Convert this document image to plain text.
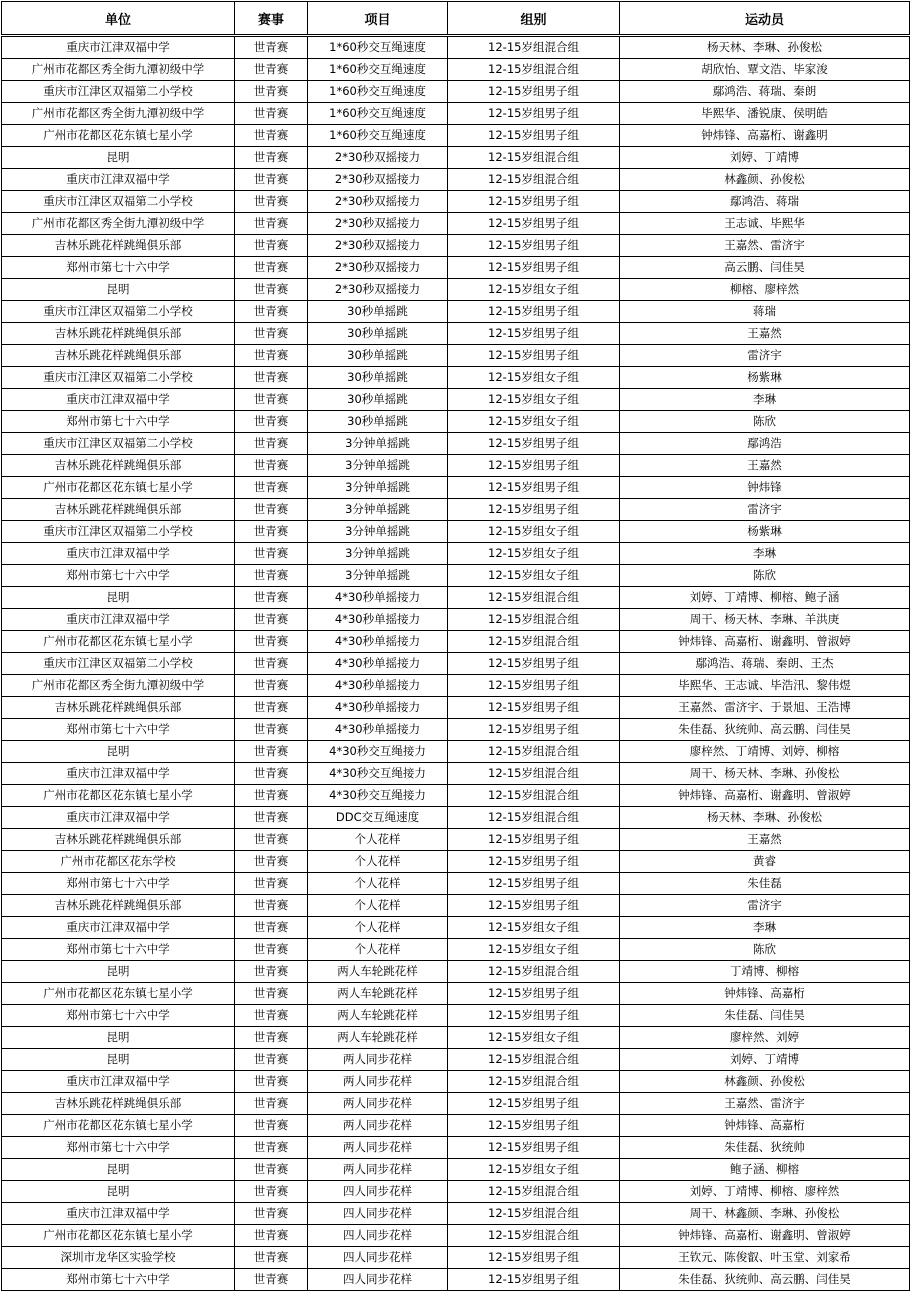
单位	赛事	项目	组别	运动员
重庆市江津双福中学	世青赛	1*60秒交互绳速度	12-15岁组混合组	杨天林、李琳、孙俊松
广州市花都区秀全街九潭初级中学	世青赛	1*60秒交互绳速度	12-15岁组混合组	胡欣怡、覃文浩、毕家浚
重庆市江津区双福第二小学校	世青赛	1*60秒交互绳速度	12-15岁组男子组	鄢鸿浩、蒋瑞、秦朗
广州市花都区秀全街九潭初级中学	世青赛	1*60秒交互绳速度	12-15岁组男子组	毕熙华、潘锐康、侯明皓
广州市花都区花东镇七星小学	世青赛	1*60秒交互绳速度	12-15岁组男子组	钟炜锋、高嘉桁、谢鑫明
昆明	世青赛	2*30秒双摇接力	12-15岁组混合组	刘婷、丁靖博
重庆市江津双福中学	世青赛	2*30秒双摇接力	12-15岁组混合组	林鑫颜、孙俊松
重庆市江津区双福第二小学校	世青赛	2*30秒双摇接力	12-15岁组男子组	鄢鸿浩、蒋瑞
广州市花都区秀全街九潭初级中学	世青赛	2*30秒双摇接力	12-15岁组男子组	王志诚、毕熙华
吉林乐跳花样跳绳俱乐部	世青赛	2*30秒双摇接力	12-15岁组男子组	王嘉然、雷济宇
郑州市第七十六中学	世青赛	2*30秒双摇接力	12-15岁组男子组	高云鹏、闫佳昊
昆明	世青赛	2*30秒双摇接力	12-15岁组女子组	柳榕、廖梓然
重庆市江津区双福第二小学校	世青赛	30秒单摇跳	12-15岁组男子组	蒋瑞
吉林乐跳花样跳绳俱乐部	世青赛	30秒单摇跳	12-15岁组男子组	王嘉然
吉林乐跳花样跳绳俱乐部	世青赛	30秒单摇跳	12-15岁组男子组	雷济宇
重庆市江津区双福第二小学校	世青赛	30秒单摇跳	12-15岁组女子组	杨紫琳
重庆市江津双福中学	世青赛	30秒单摇跳	12-15岁组女子组	李琳
郑州市第七十六中学	世青赛	30秒单摇跳	12-15岁组女子组	陈欣
重庆市江津区双福第二小学校	世青赛	3分钟单摇跳	12-15岁组男子组	鄢鸿浩
吉林乐跳花样跳绳俱乐部	世青赛	3分钟单摇跳	12-15岁组男子组	王嘉然
广州市花都区花东镇七星小学	世青赛	3分钟单摇跳	12-15岁组男子组	钟炜锋
吉林乐跳花样跳绳俱乐部	世青赛	3分钟单摇跳	12-15岁组男子组	雷济宇
重庆市江津区双福第二小学校	世青赛	3分钟单摇跳	12-15岁组女子组	杨紫琳
重庆市江津双福中学	世青赛	3分钟单摇跳	12-15岁组女子组	李琳
郑州市第七十六中学	世青赛	3分钟单摇跳	12-15岁组女子组	陈欣
昆明	世青赛	4*30秒单摇接力	12-15岁组混合组	刘婷、丁靖博、柳榕、鲍子涵
重庆市江津双福中学	世青赛	4*30秒单摇接力	12-15岁组混合组	周干、杨天林、李琳、羊洪庚
广州市花都区花东镇七星小学	世青赛	4*30秒单摇接力	12-15岁组混合组	钟炜锋、高嘉桁、谢鑫明、曾淑婷
重庆市江津区双福第二小学校	世青赛	4*30秒单摇接力	12-15岁组男子组	鄢鸿浩、蒋瑞、秦朗、王杰
广州市花都区秀全街九潭初级中学	世青赛	4*30秒单摇接力	12-15岁组男子组	毕熙华、王志诚、毕浩汛、黎伟煜
吉林乐跳花样跳绳俱乐部	世青赛	4*30秒单摇接力	12-15岁组男子组	王嘉然、雷济宇、于景旭、王浩博
郑州市第七十六中学	世青赛	4*30秒单摇接力	12-15岁组男子组	朱佳磊、狄统帅、高云鹏、闫佳昊
昆明	世青赛	4*30秒交互绳接力	12-15岁组混合组	廖梓然、丁靖博、刘婷、柳榕
重庆市江津双福中学	世青赛	4*30秒交互绳接力	12-15岁组混合组	周干、杨天林、李琳、孙俊松
广州市花都区花东镇七星小学	世青赛	4*30秒交互绳接力	12-15岁组混合组	钟炜锋、高嘉桁、谢鑫明、曾淑婷
重庆市江津双福中学	世青赛	DDC交互绳速度	12-15岁组混合组	杨天林、李琳、孙俊松
吉林乐跳花样跳绳俱乐部	世青赛	个人花样	12-15岁组男子组	王嘉然
广州市花都区花东学校	世青赛	个人花样	12-15岁组男子组	黄睿
郑州市第七十六中学	世青赛	个人花样	12-15岁组男子组	朱佳磊
吉林乐跳花样跳绳俱乐部	世青赛	个人花样	12-15岁组男子组	雷济宇
重庆市江津双福中学	世青赛	个人花样	12-15岁组女子组	李琳
郑州市第七十六中学	世青赛	个人花样	12-15岁组女子组	陈欣
昆明	世青赛	两人车轮跳花样	12-15岁组混合组	丁靖博、柳榕
广州市花都区花东镇七星小学	世青赛	两人车轮跳花样	12-15岁组男子组	钟炜锋、高嘉桁
郑州市第七十六中学	世青赛	两人车轮跳花样	12-15岁组男子组	朱佳磊、闫佳昊
昆明	世青赛	两人车轮跳花样	12-15岁组女子组	廖梓然、刘婷
昆明	世青赛	两人同步花样	12-15岁组混合组	刘婷、丁靖博
重庆市江津双福中学	世青赛	两人同步花样	12-15岁组混合组	林鑫颜、孙俊松
吉林乐跳花样跳绳俱乐部	世青赛	两人同步花样	12-15岁组男子组	王嘉然、雷济宇
广州市花都区花东镇七星小学	世青赛	两人同步花样	12-15岁组男子组	钟炜锋、高嘉桁
郑州市第七十六中学	世青赛	两人同步花样	12-15岁组男子组	朱佳磊、狄统帅
昆明	世青赛	两人同步花样	12-15岁组女子组	鲍子涵、柳榕
昆明	世青赛	四人同步花样	12-15岁组混合组	刘婷、丁靖博、柳榕、廖梓然
重庆市江津双福中学	世青赛	四人同步花样	12-15岁组混合组	周干、林鑫颜、李琳、孙俊松
广州市花都区花东镇七星小学	世青赛	四人同步花样	12-15岁组混合组	钟炜锋、高嘉桁、谢鑫明、曾淑婷
深圳市龙华区实验学校	世青赛	四人同步花样	12-15岁组男子组	王钦元、陈俊叡、叶玉堂、刘家希
郑州市第七十六中学	世青赛	四人同步花样	12-15岁组男子组	朱佳磊、狄统帅、高云鹏、闫佳昊
